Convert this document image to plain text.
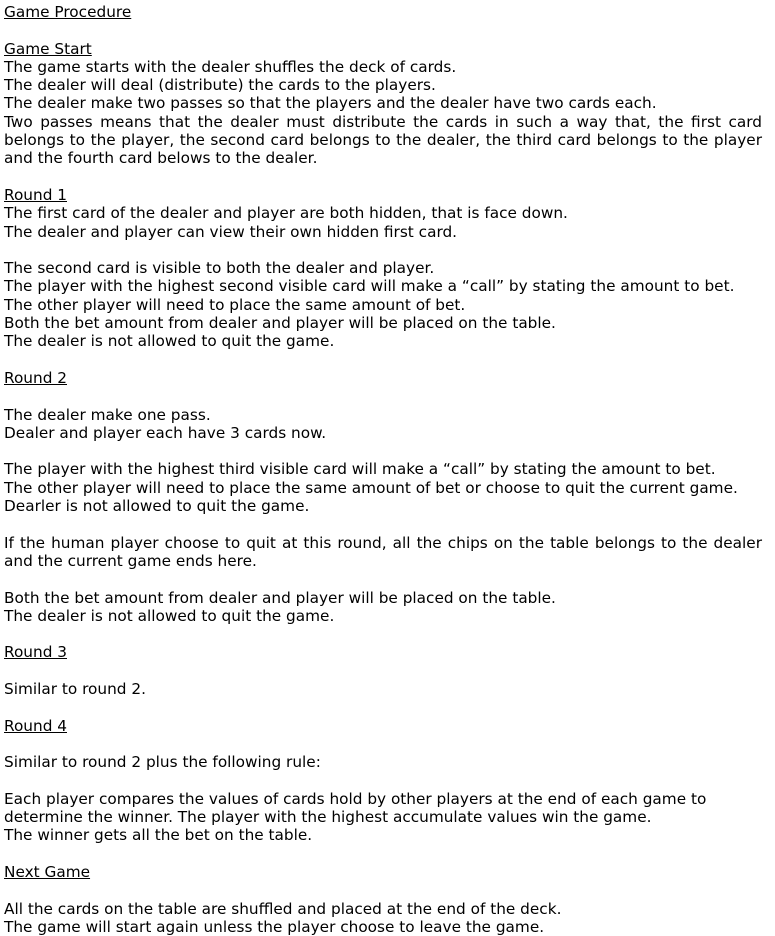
Game Procedure
Game Start
The game starts with the dealer shuffles the deck of cards.
The dealer will deal (distribute) the cards to the players.
The dealer make two passes so that the players and the dealer have two cards each.
Two passes means that the dealer must distribute the cards in such a way that, the first card belongs to the player, the second card belongs to the dealer, the third card belongs to the player and the fourth card belows to the dealer.
Round 1
The first card of the dealer and player are both hidden, that is face down.
The dealer and player can view their own hidden first card.
The second card is visible to both the dealer and player.
The player with the highest second visible card will make a “call” by stating the amount to bet.
The other player will need to place the same amount of bet.
Both the bet amount from dealer and player will be placed on the table.
The dealer is not allowed to quit the game.
Round 2
The dealer make one pass.
Dealer and player each have 3 cards now.
The player with the highest third visible card will make a “call” by stating the amount to bet.
The other player will need to place the same amount of bet or choose to quit the current game.
Dearler is not allowed to quit the game.
If the human player choose to quit at this round, all the chips on the table belongs to the dealer and the current game ends here.
Both the bet amount from dealer and player will be placed on the table.
The dealer is not allowed to quit the game.
Round 3
Similar to round 2.
Round 4
Similar to round 2 plus the following rule:
Each player compares the values of cards hold by other players at the end of each game to
determine the winner. The player with the highest accumulate values win the game.
The winner gets all the bet on the table.
Next Game
All the cards on the table are shuffled and placed at the end of the deck.
The game will start again unless the player choose to leave the game.
